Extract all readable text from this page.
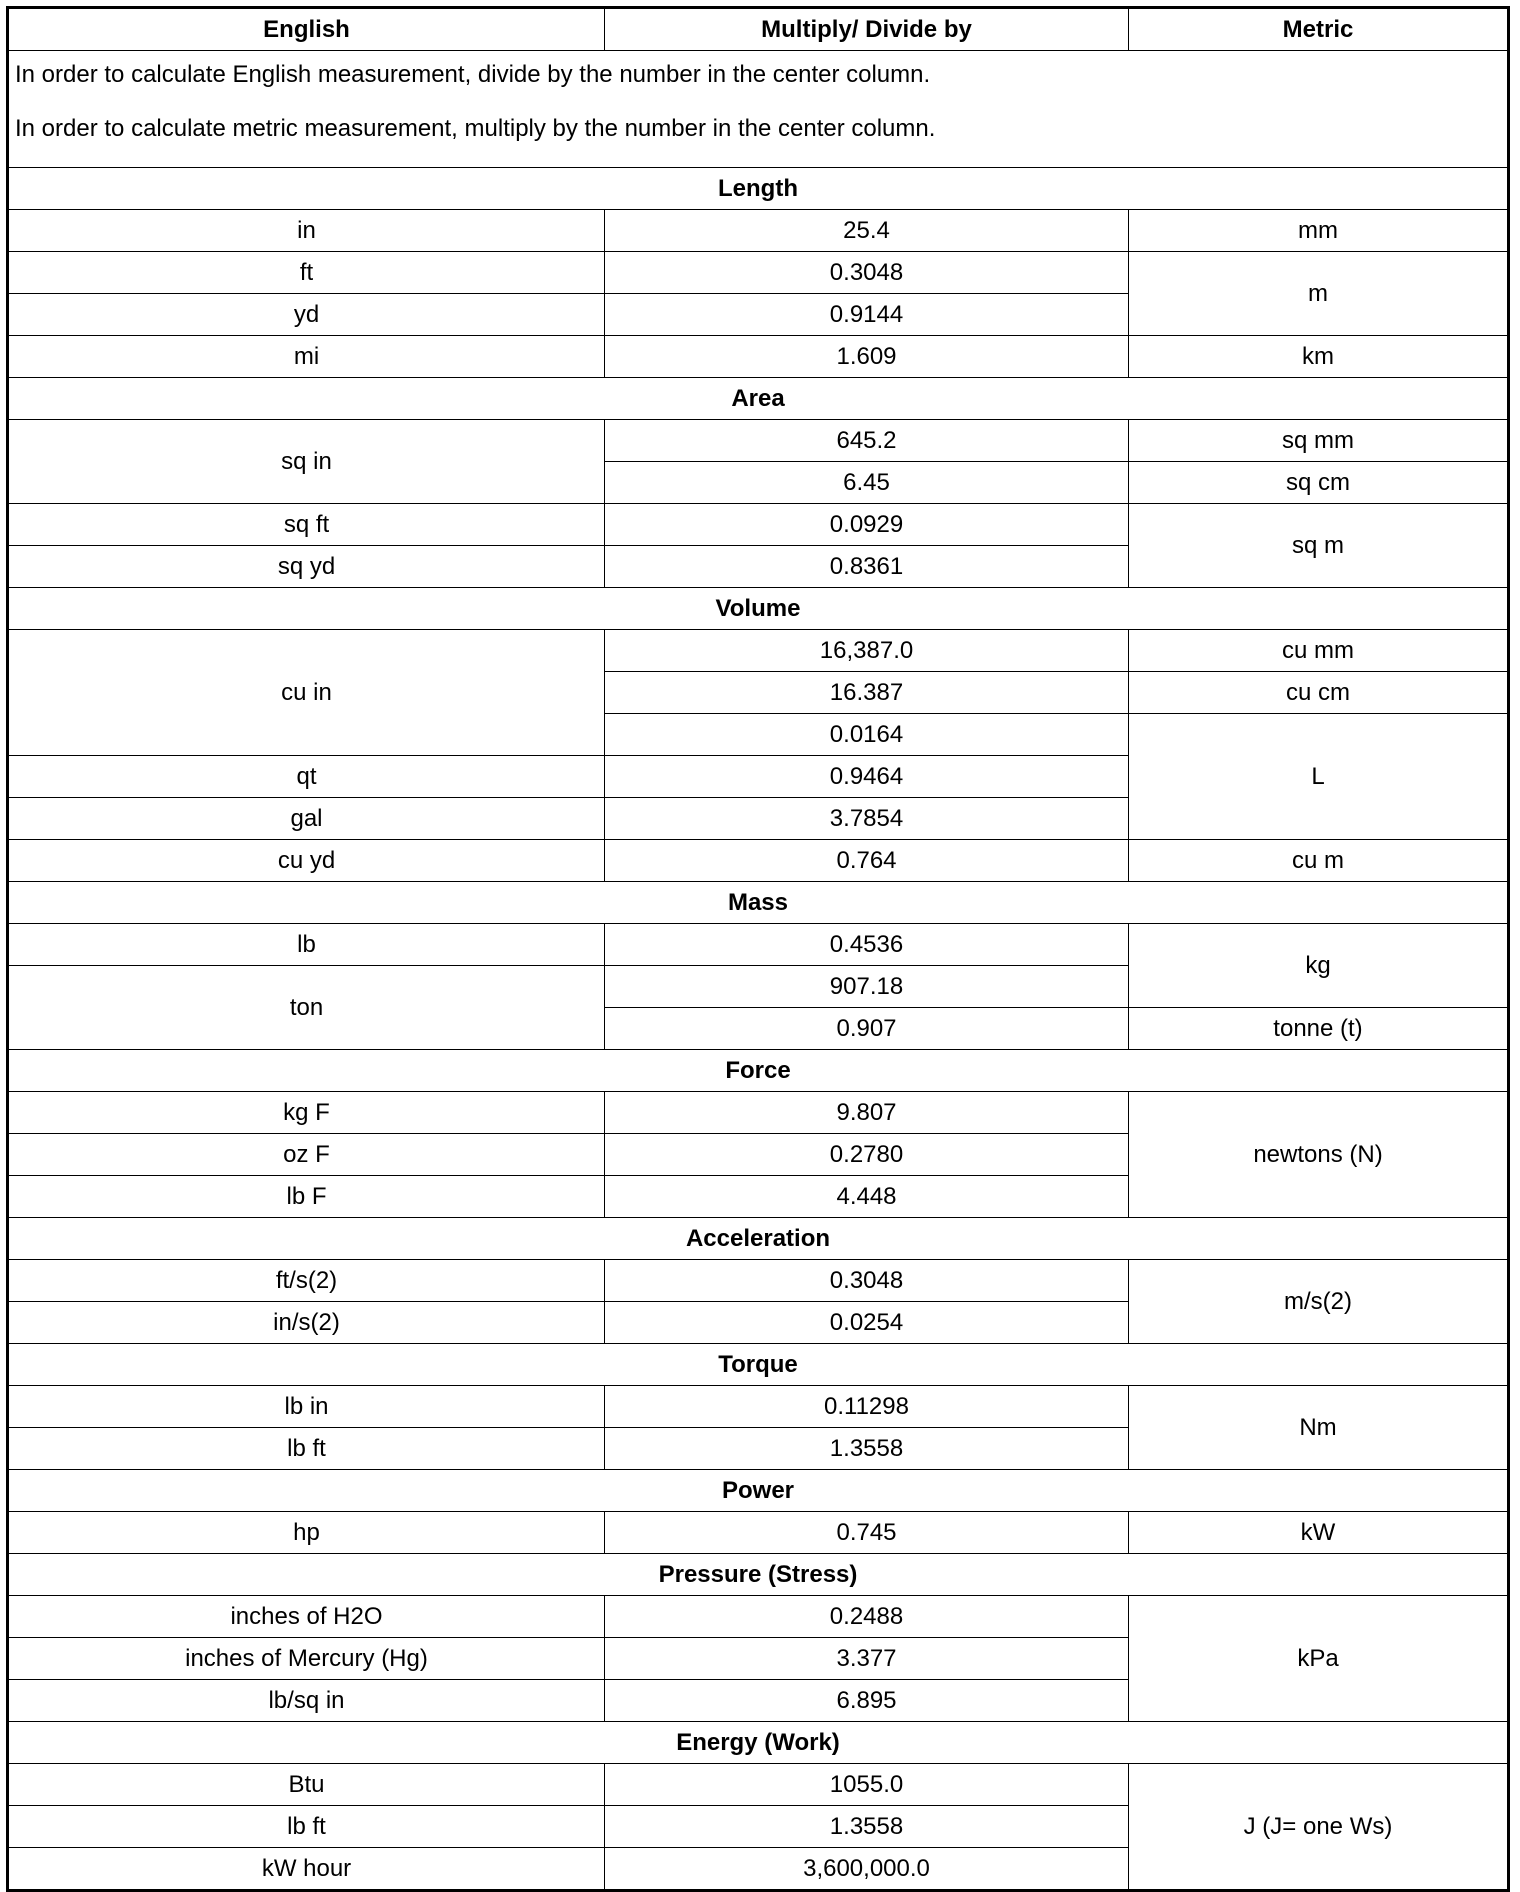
English	Multiply/ Divide by	Metric

In order to calculate English measurement, divide by the number in the center column.
In order to calculate metric measurement, multiply by the number in the center column.		

Length		
in	25.4	mm
ft	0.3048	m
yd	0.9144	
mi	1.609	km
Area		
sq in	645.2	sq mm
	6.45	sq cm
sq ft	0.0929	sq m
sq yd	0.8361	
Volume		
cu in	16,387.0	cu mm
	16.387	cu cm
	0.0164	L
qt	0.9464	
gal	3.7854	
cu yd	0.764	cu m
Mass		
lb	0.4536	kg
ton	907.18	
	0.907	tonne (t)
Force		
kg F	9.807	newtons (N)
oz F	0.2780	
lb F	4.448	
Acceleration		
ft/s(2)	0.3048	m/s(2)
in/s(2)	0.0254	
Torque		
lb in	0.11298	Nm
lb ft	1.3558	
Power		
hp	0.745	kW
Pressure (Stress)		
inches of H2O	0.2488	kPa
inches of Mercury (Hg)	3.377	
lb/sq in	6.895	
Energy (Work)		
Btu	1055.0	J (J= one Ws)
lb ft	1.3558	
kW hour	3,600,000.0	
